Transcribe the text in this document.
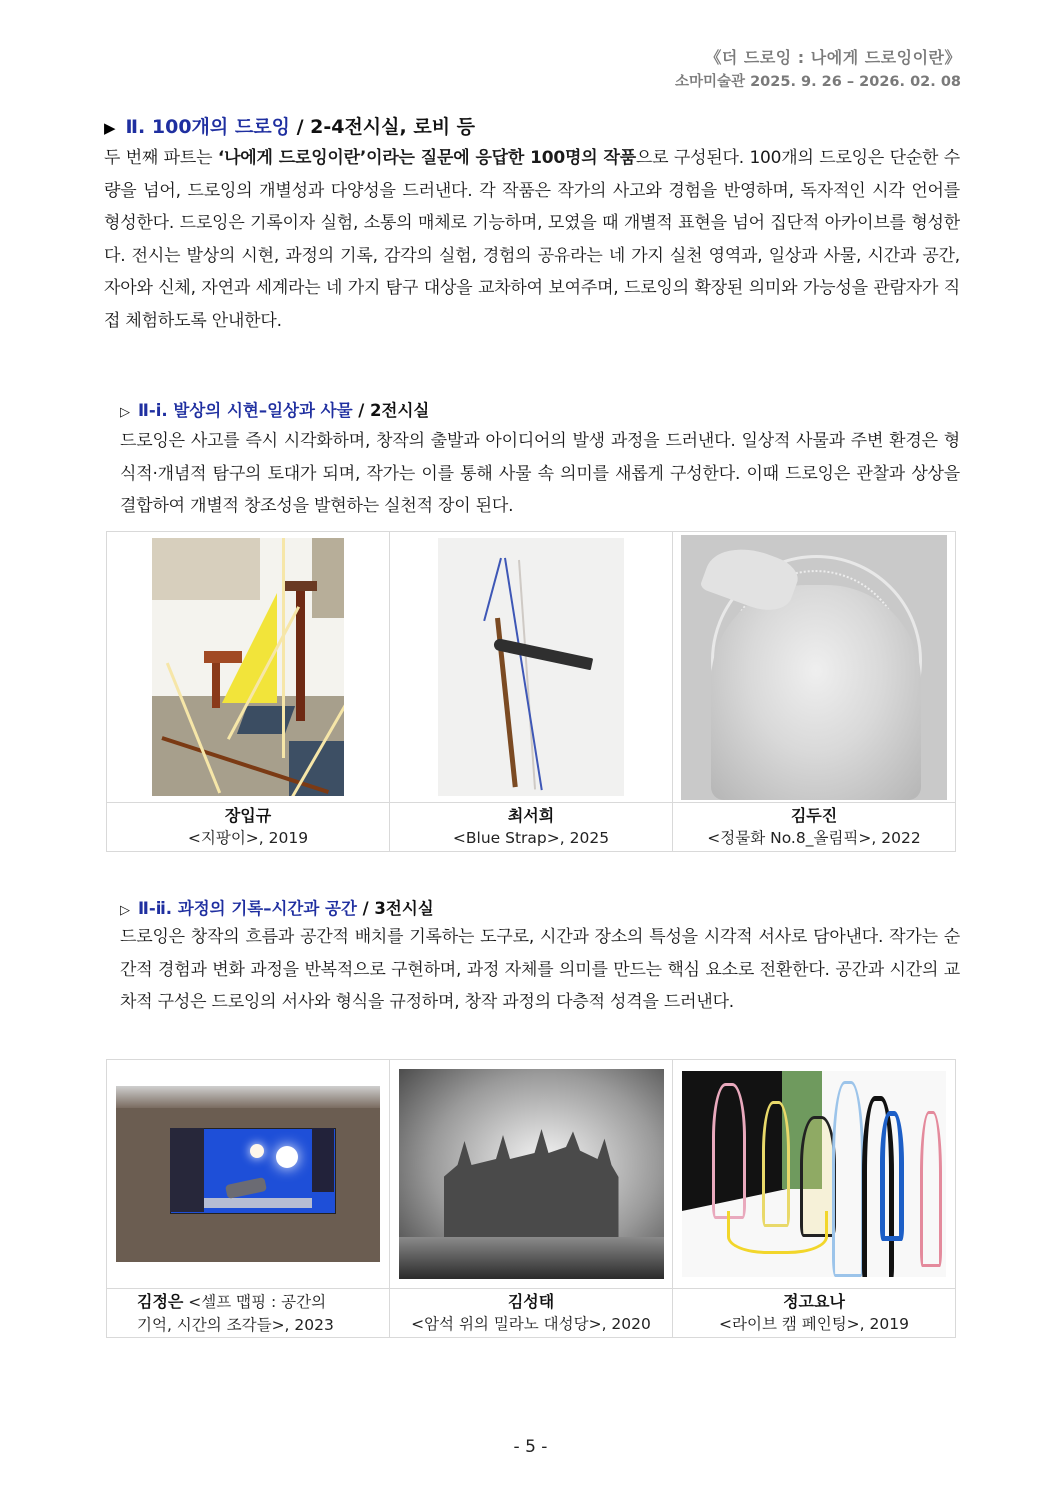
《더 드로잉 : 나에게 드로잉이란》
소마미술관 2025. 9. 26 – 2026. 02. 08
▶ Ⅱ. 100개의 드로잉 / 2-4전시실, 로비 등
두 번째 파트는 ‘나에게 드로잉이란’이라는 질문에 응답한 100명의 작품으로 구성된다. 100개의 드로잉은 단순한 수량을 넘어, 드로잉의 개별성과 다양성을 드러낸다. 각 작품은 작가의 사고와 경험을 반영하며, 독자적인 시각 언어를 형성한다. 드로잉은 기록이자 실험, 소통의 매체로 기능하며, 모였을 때 개별적 표현을 넘어 집단적 아카이브를 형성한다. 전시는 발상의 시현, 과정의 기록, 감각의 실험, 경험의 공유라는 네 가지 실천 영역과, 일상과 사물, 시간과 공간, 자아와 신체, 자연과 세계라는 네 가지 탐구 대상을 교차하여 보여주며, 드로잉의 확장된 의미와 가능성을 관람자가 직접 체험하도록 안내한다.
▷ Ⅱ-ⅰ. 발상의 시현–일상과 사물 / 2전시실
드로잉은 사고를 즉시 시각화하며, 창작의 출발과 아이디어의 발생 과정을 드러낸다. 일상적 사물과 주변 환경은 형식적·개념적 탐구의 토대가 되며, 작가는 이를 통해 사물 속 의미를 새롭게 구성한다. 이때 드로잉은 관찰과 상상을 결합하여 개별적 창조성을 발현하는 실천적 장이 된다.

장입규
<지팡이>, 2019

최서희
<Blue Strap>, 2025

김두진
<정물화 No.8_올림픽>, 2022
▷ Ⅱ-ⅱ. 과정의 기록–시간과 공간 / 3전시실
드로잉은 창작의 흐름과 공간적 배치를 기록하는 도구로, 시간과 장소의 특성을 시각적 서사로 담아낸다. 작가는 순간적 경험과 변화 과정을 반복적으로 구현하며, 과정 자체를 의미를 만드는 핵심 요소로 전환한다. 공간과 시간의 교차적 구성은 드로잉의 서사와 형식을 규정하며, 창작 과정의 다층적 성격을 드러낸다.

김정은 <셀프 맵핑 : 공간의
기억, 시간의 조각들>, 2023

김성태
<암석 위의 밀라노 대성당>, 2020

정고요나
<라이브 캠 페인팅>, 2019
- 5 -
